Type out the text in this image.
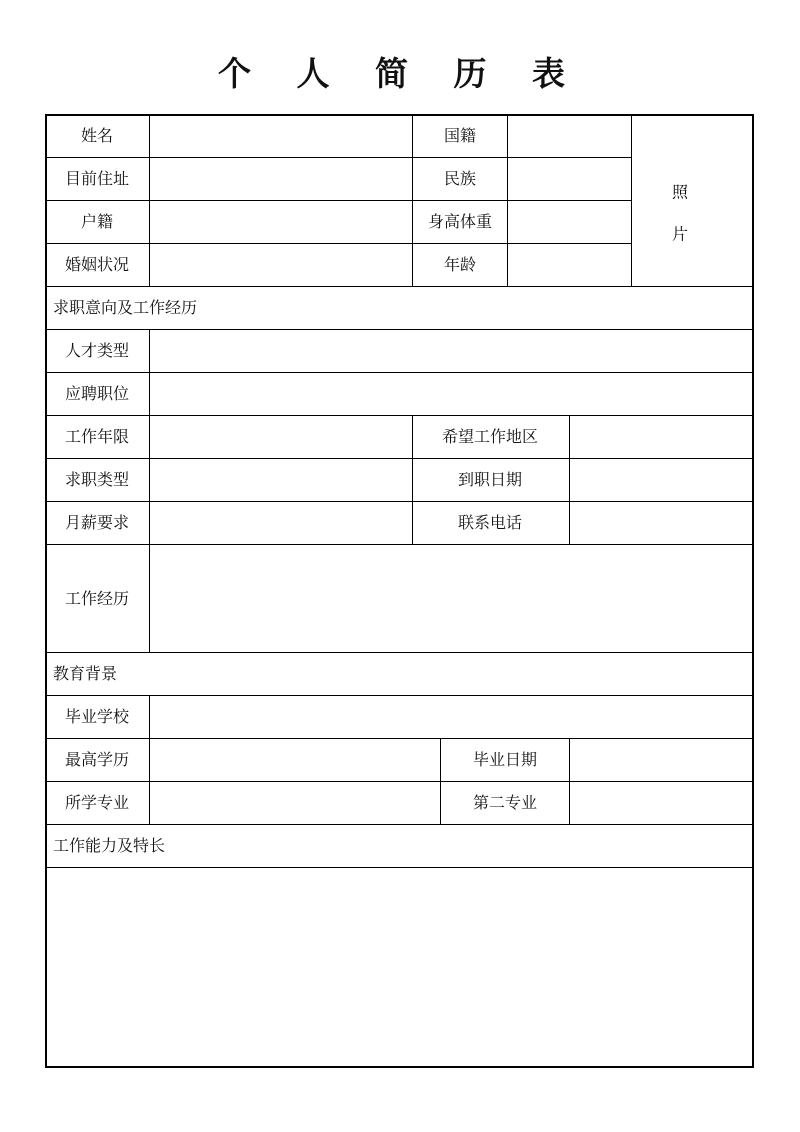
个 人 简 历 表
姓名	国籍
目前住址	民族
户籍	身高体重
婚姻状况	年龄
照
片
求职意向及工作经历
人才类型
应聘职位
工作年限	希望工作地区
求职类型	到职日期
月薪要求	联系电话
工作经历
教育背景
毕业学校
最高学历	毕业日期
所学专业	第二专业
工作能力及特长
